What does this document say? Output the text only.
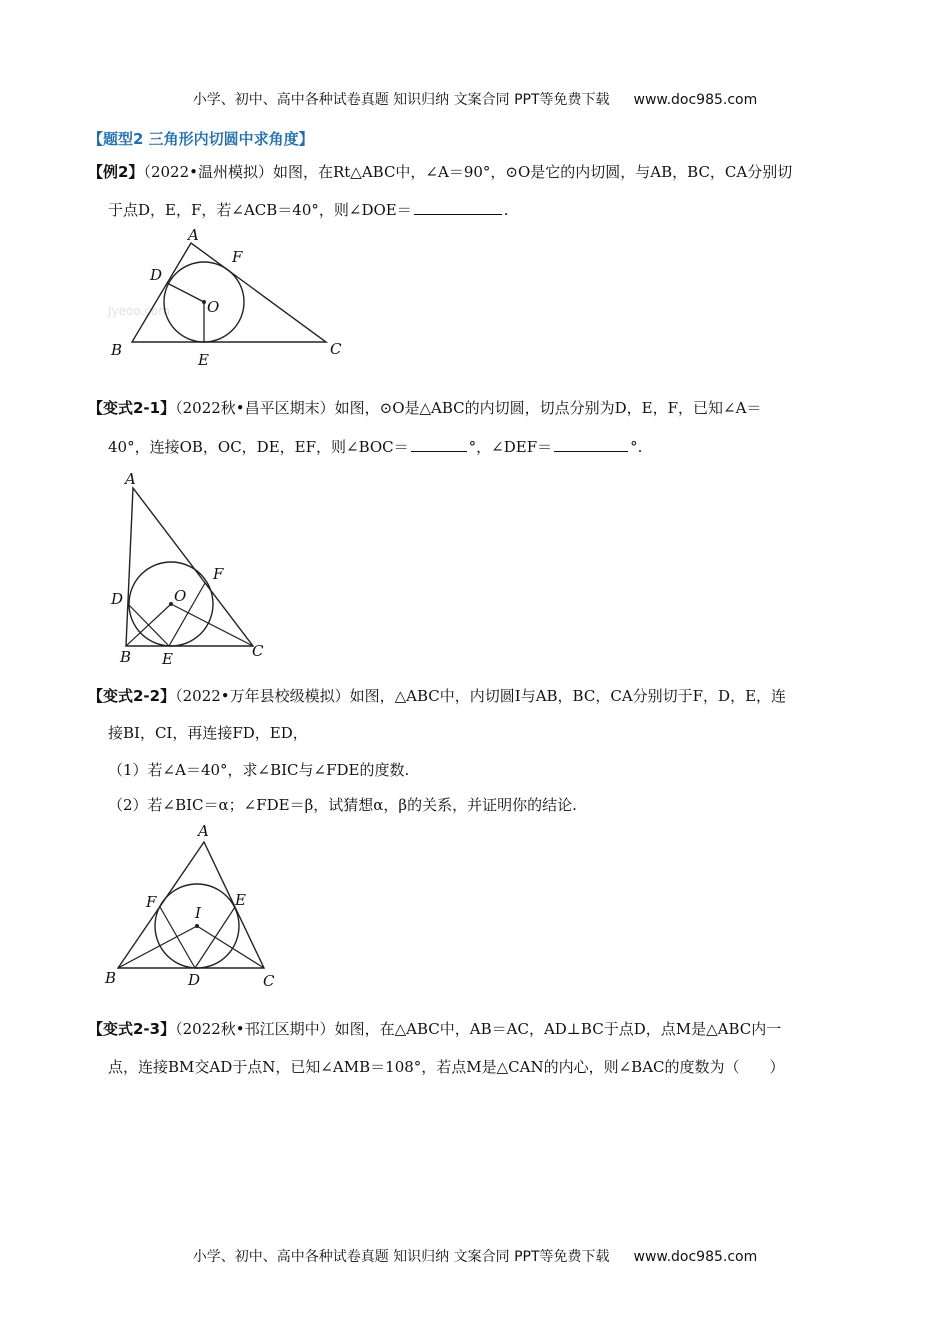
小学、初中、高中各种试卷真题 知识归纳 文案合同 PPT等免费下载 www.doc985.com
【题型2 三角形内切圆中求角度】
【例2】（2022•温州模拟）如图，在Rt△ABC中，∠A＝90°，⊙O是它的内切圆，与AB，BC，CA分别切
于点D，E，F，若∠ACB＝40°，则∠DOE＝	.
Jyeoo.com
A
B	C
D
E
F
O
A
B	C
D
E
F
O
A
B	C
D
E
F
I
【变式2-1】（2022秋•昌平区期末）如图，⊙O是△ABC的内切圆，切点分别为D，E，F，已知∠A＝
40°，连接OB，OC，DE，EF，则∠BOC＝	°，∠DEF＝	°.
【变式2-2】（2022•万年县校级模拟）如图，△ABC中，内切圆I与AB，BC，CA分别切于F，D，E，连
接BI，CI，再连接FD，ED，
（1）若∠A＝40°，求∠BIC与∠FDE的度数.
（2）若∠BIC＝α；∠FDE＝β，试猜想α，β的关系，并证明你的结论.
【变式2-3】（2022秋•邗江区期中）如图，在△ABC中，AB＝AC，AD⊥BC于点D，点M是△ABC内一
点，连接BM交AD于点N，已知∠AMB＝108°，若点M是△CAN的内心，则∠BAC的度数为（　　）
小学、初中、高中各种试卷真题 知识归纳 文案合同 PPT等免费下载 www.doc985.com
